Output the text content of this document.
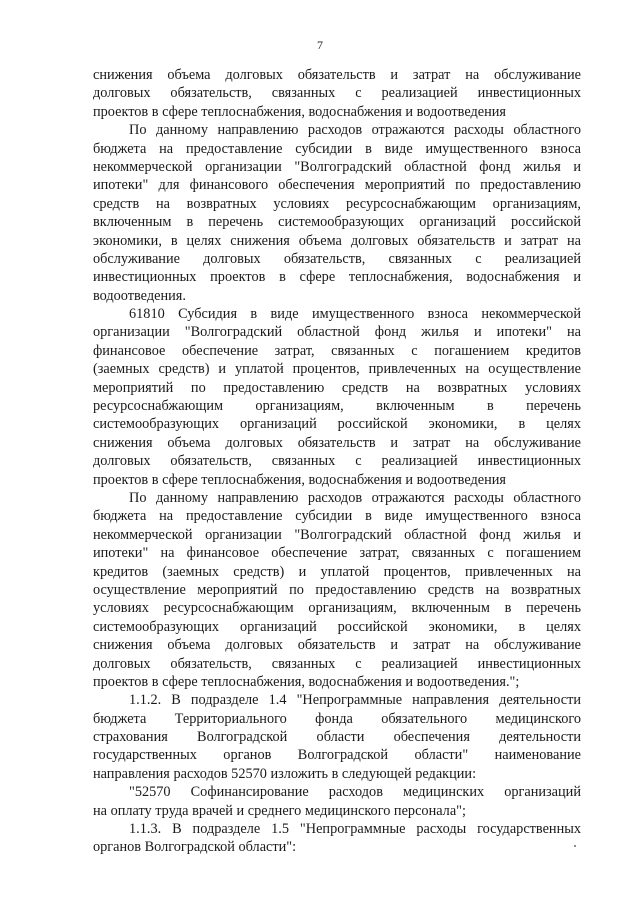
7
снижения объема долговых обязательств и затрат на обслуживание
долговых обязательств, связанных с реализацией инвестиционных
проектов в сфере теплоснабжения, водоснабжения и водоотведения
По данному направлению расходов отражаются расходы областного
бюджета на предоставление субсидии в виде имущественного взноса
некоммерческой организации "Волгоградский областной фонд жилья и
ипотеки" для финансового обеспечения мероприятий по предоставлению
средств на возвратных условиях ресурсоснабжающим организациям,
включенным в перечень системообразующих организаций российской
экономики, в целях снижения объема долговых обязательств и затрат на
обслуживание долговых обязательств, связанных с реализацией
инвестиционных проектов в сфере теплоснабжения, водоснабжения и
водоотведения.
61810 Субсидия в виде имущественного взноса некоммерческой
организации "Волгоградский областной фонд жилья и ипотеки" на
финансовое обеспечение затрат, связанных с погашением кредитов
(заемных средств) и уплатой процентов, привлеченных на осуществление
мероприятий по предоставлению средств на возвратных условиях
ресурсоснабжающим организациям, включенным в перечень
системообразующих организаций российской экономики, в целях
снижения объема долговых обязательств и затрат на обслуживание
долговых обязательств, связанных с реализацией инвестиционных
проектов в сфере теплоснабжения, водоснабжения и водоотведения
По данному направлению расходов отражаются расходы областного
бюджета на предоставление субсидии в виде имущественного взноса
некоммерческой организации "Волгоградский областной фонд жилья и
ипотеки" на финансовое обеспечение затрат, связанных с погашением
кредитов (заемных средств) и уплатой процентов, привлеченных на
осуществление мероприятий по предоставлению средств на возвратных
условиях ресурсоснабжающим организациям, включенным в перечень
системообразующих организаций российской экономики, в целях
снижения объема долговых обязательств и затрат на обслуживание
долговых обязательств, связанных с реализацией инвестиционных
проектов в сфере теплоснабжения, водоснабжения и водоотведения.";
1.1.2. В подразделе 1.4 "Непрограммные направления деятельности
бюджета Территориального фонда обязательного медицинского
страхования Волгоградской области обеспечения деятельности
государственных органов Волгоградской области" наименование
направления расходов 52570 изложить в следующей редакции:
"52570 Софинансирование расходов медицинских организаций
на оплату труда врачей и среднего медицинского персонала";
1.1.3. В подразделе 1.5 "Непрограммные расходы государственных
органов Волгоградской области":
